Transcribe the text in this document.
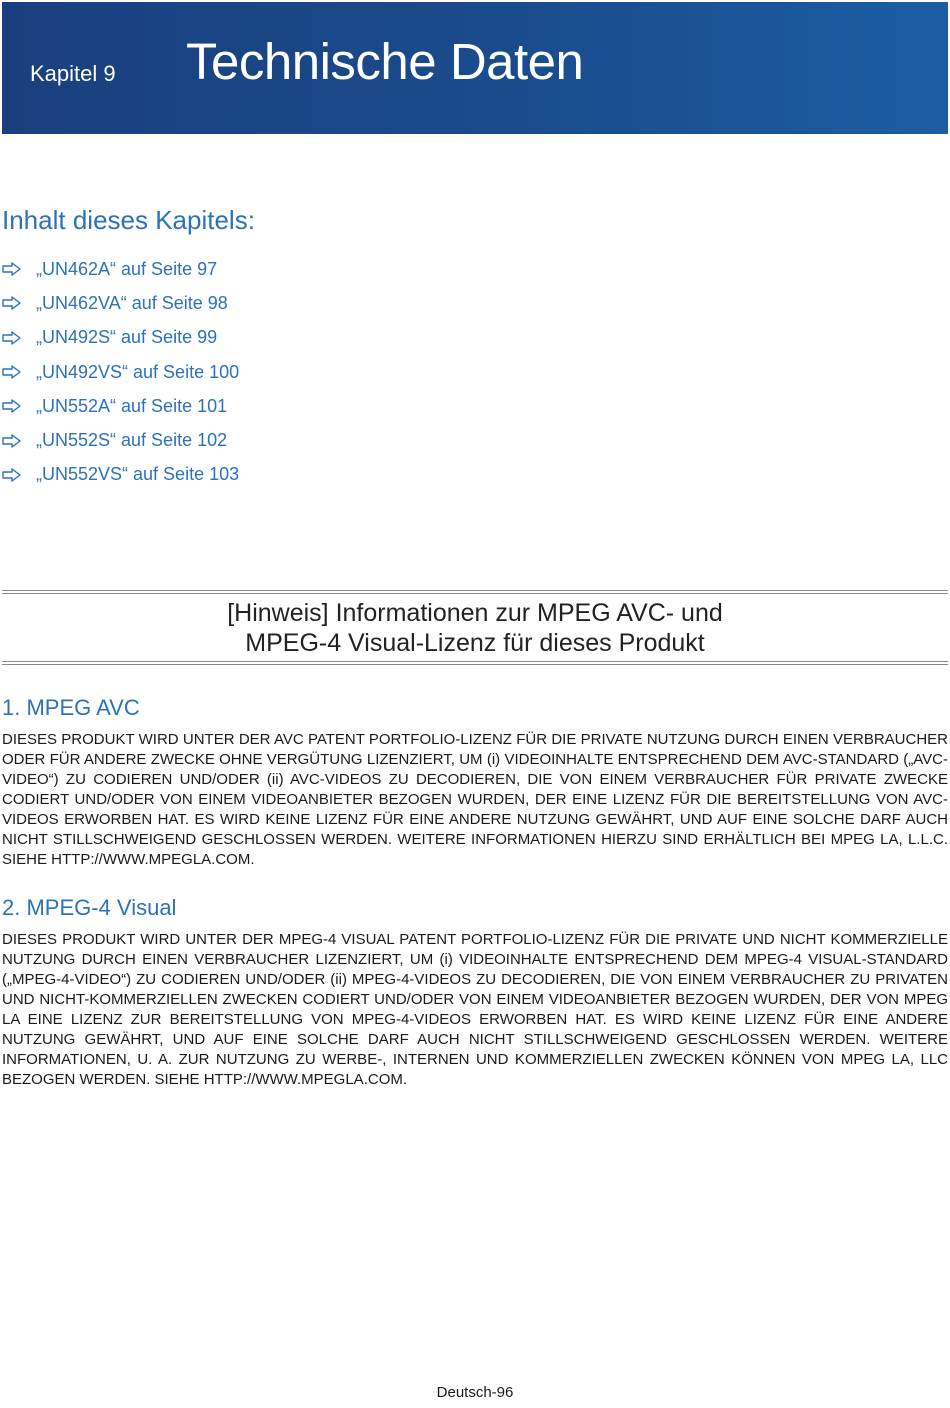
Kapitel 9 Technische Daten
Inhalt dieses Kapitels:
„UN462A“ auf Seite 97
„UN462VA“ auf Seite 98
„UN492S“ auf Seite 99
„UN492VS“ auf Seite 100
„UN552A“ auf Seite 101
„UN552S“ auf Seite 102
„UN552VS“ auf Seite 103
[Hinweis] Informationen zur MPEG AVC- und
MPEG-4 Visual-Lizenz für dieses Produkt
1. MPEG AVC
DIESES PRODUKT WIRD UNTER DER AVC PATENT PORTFOLIO-LIZENZ FÜR DIE PRIVATE NUTZUNG DURCH EINEN VERBRAUCHER ODER FÜR ANDERE ZWECKE OHNE VERGÜTUNG LIZENZIERT, UM (i) VIDEOINHALTE ENTSPRECHEND DEM AVC-STANDARD („AVC-VIDEO“) ZU CODIEREN UND/ODER (ii) AVC-VIDEOS ZU DECODIEREN, DIE VON EINEM VERBRAUCHER FÜR PRIVATE ZWECKE CODIERT UND/ODER VON EINEM VIDEOANBIETER BEZOGEN WURDEN, DER EINE LIZENZ FÜR DIE BEREITSTELLUNG VON AVC-VIDEOS ERWORBEN HAT. ES WIRD KEINE LIZENZ FÜR EINE ANDERE NUTZUNG GEWÄHRT, UND AUF EINE SOLCHE DARF AUCH NICHT STILLSCHWEIGEND GESCHLOSSEN WERDEN. WEITERE INFORMATIONEN HIERZU SIND ERHÄLTLICH BEI MPEG LA, L.L.C. SIEHE HTTP://WWW.MPEGLA.COM.
2. MPEG-4 Visual
DIESES PRODUKT WIRD UNTER DER MPEG-4 VISUAL PATENT PORTFOLIO-LIZENZ FÜR DIE PRIVATE UND NICHT KOMMERZIELLE NUTZUNG DURCH EINEN VERBRAUCHER LIZENZIERT, UM (i) VIDEOINHALTE ENTSPRECHEND DEM MPEG-4 VISUAL-STANDARD („MPEG-4-VIDEO“) ZU CODIEREN UND/ODER (ii) MPEG-4-VIDEOS ZU DECODIEREN, DIE VON EINEM VERBRAUCHER ZU PRIVATEN UND NICHT-KOMMERZIELLEN ZWECKEN CODIERT UND/ODER VON EINEM VIDEOANBIETER BEZOGEN WURDEN, DER VON MPEG LA EINE LIZENZ ZUR BEREITSTELLUNG VON MPEG-4-VIDEOS ERWORBEN HAT. ES WIRD KEINE LIZENZ FÜR EINE ANDERE NUTZUNG GEWÄHRT, UND AUF EINE SOLCHE DARF AUCH NICHT STILLSCHWEIGEND GESCHLOSSEN WERDEN. WEITERE INFORMATIONEN, U. A. ZUR NUTZUNG ZU WERBE-, INTERNEN UND KOMMERZIELLEN ZWECKEN KÖNNEN VON MPEG LA, LLC BEZOGEN WERDEN. SIEHE HTTP://WWW.MPEGLA.COM.
Deutsch-96
